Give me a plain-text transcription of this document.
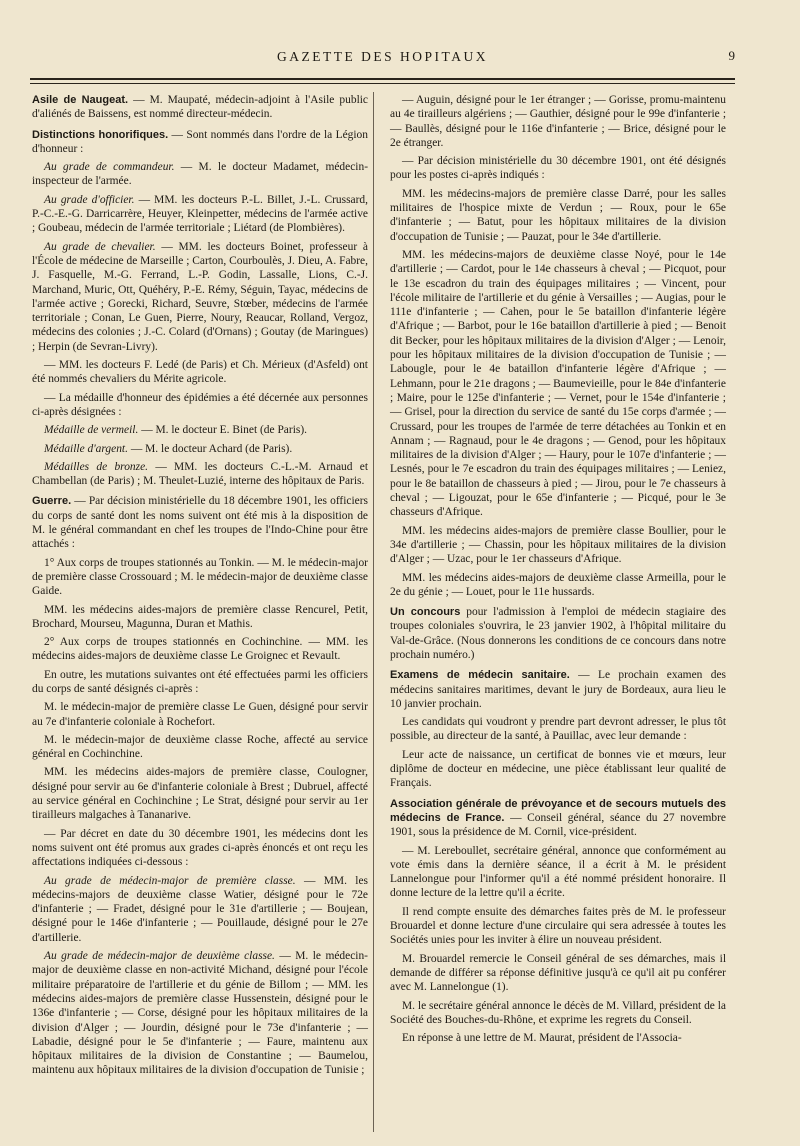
GAZETTE DES HOPITAUX	9

Asile de Naugeat. — M. Maupaté, médecin-adjoint à l'Asile public d'aliénés de Baissens, est nommé directeur-médecin.

Distinctions honorifiques. — Sont nommés dans l'ordre de la Légion d'honneur :

Au grade de commandeur. — M. le docteur Madamet, médecin-inspecteur de l'armée.

Au grade d'officier. — MM. les docteurs P.-L. Billet, J.-L. Crussard, P.-C.-E.-G. Darricarrère, Heuyer, Kleinpetter, médecins de l'armée active ; Goubeau, médecin de l'armée territoriale ; Liétard (de Plombières).

Au grade de chevalier. — MM. les docteurs Boinet, professeur à l'École de médecine de Marseille ; Carton, Courboulès, J. Dieu, A. Fabre, J. Fasquelle, M.-G. Ferrand, L.-P. Godin, Lassalle, Lions, C.-J. Marchand, Muric, Ott, Quéhéry, P.-E. Rémy, Séguin, Tayac, médecins de l'armée active ; Gorecki, Richard, Seuvre, Stœber, médecins de l'armée territoriale ; Conan, Le Guen, Pierre, Noury, Reaucar, Rolland, Vergoz, médecins des colonies ; J.-C. Colard (d'Ornans) ; Goutay (de Maringues) ; Herpin (de Sevran-Livry).

— MM. les docteurs F. Ledé (de Paris) et Ch. Mérieux (d'Asfeld) ont été nommés chevaliers du Mérite agricole.

— La médaille d'honneur des épidémies a été décernée aux personnes ci-après désignées :

Médaille de vermeil. — M. le docteur E. Binet (de Paris).

Médaille d'argent. — M. le docteur Achard (de Paris).

Médailles de bronze. — MM. les docteurs C.-L.-M. Arnaud et Chambellan (de Paris) ; M. Theulet-Luzié, interne des hôpitaux de Paris.

Guerre. — Par décision ministérielle du 18 décembre 1901, les officiers du corps de santé dont les noms suivent ont été mis à la disposition de M. le général commandant en chef les troupes de l'Indo-Chine pour être attachés :

1° Aux corps de troupes stationnés au Tonkin. — M. le médecin-major de première classe Crossouard ; M. le médecin-major de deuxième classe Gaide.

MM. les médecins aides-majors de première classe Rencurel, Petit, Brochard, Mourseu, Magunna, Duran et Mathis.

2° Aux corps de troupes stationnés en Cochinchine. — MM. les médecins aides-majors de deuxième classe Le Groignec et Revault.

En outre, les mutations suivantes ont été effectuées parmi les officiers du corps de santé désignés ci-après :

M. le médecin-major de première classe Le Guen, désigné pour servir au 7e d'infanterie coloniale à Rochefort.

M. le médecin-major de deuxième classe Roche, affecté au service général en Cochinchine.

MM. les médecins aides-majors de première classe, Coulogner, désigné pour servir au 6e d'infanterie coloniale à Brest ; Dubruel, affecté au service général en Cochinchine ; Le Strat, désigné pour servir au 1er tirailleurs malgaches à Tananarive.

— Par décret en date du 30 décembre 1901, les médecins dont les noms suivent ont été promus aux grades ci-après énoncés et ont reçu les affectations indiquées ci-dessous :

Au grade de médecin-major de première classe. — MM. les médecins-majors de deuxième classe Watier, désigné pour le 72e d'infanterie ; — Fradet, désigné pour le 31e d'artillerie ; — Boujean, désigné pour le 146e d'infanterie ; — Pouillaude, désigné pour le 27e d'artillerie.

Au grade de médecin-major de deuxième classe. — M. le médecin-major de deuxième classe en non-activité Michand, désigné pour l'école militaire préparatoire de l'artillerie et du génie de Billom ; — MM. les médecins aides-majors de première classe Hussenstein, désigné pour le 136e d'infanterie ; — Corse, désigné pour les hôpitaux militaires de la division d'Alger ; — Jourdin, désigné pour le 73e d'infanterie ; — Labadie, désigné pour le 5e d'infanterie ; — Faure, maintenu aux hôpitaux militaires de la division de Constantine ; — Baumelou, maintenu aux hôpitaux militaires de la division d'occupation de Tunisie ;

— Auguin, désigné pour le 1er étranger ; — Gorisse, promu-maintenu au 4e tirailleurs algériens ; — Gauthier, désigné pour le 99e d'infanterie ; — Baullès, désigné pour le 116e d'infanterie ; — Brice, désigné pour le 2e étranger.

— Par décision ministérielle du 30 décembre 1901, ont été désignés pour les postes ci-après indiqués :

MM. les médecins-majors de première classe Darré, pour les salles militaires de l'hospice mixte de Verdun ; — Roux, pour le 65e d'infanterie ; — Batut, pour les hôpitaux militaires de la division d'occupation de Tunisie ; — Pauzat, pour le 34e d'artillerie.

MM. les médecins-majors de deuxième classe Noyé, pour le 14e d'artillerie ; — Cardot, pour le 14e chasseurs à cheval ; — Picquot, pour le 13e escadron du train des équipages militaires ; — Vincent, pour l'école militaire de l'artillerie et du génie à Versailles ; — Augias, pour le 111e d'infanterie ; — Cahen, pour le 5e bataillon d'infanterie légère d'Afrique ; — Barbot, pour le 16e bataillon d'artillerie à pied ; — Benoit dit Becker, pour les hôpitaux militaires de la division d'Alger ; — Lenoir, pour les hôpitaux militaires de la division d'occupation de Tunisie ; — Labougle, pour le 4e bataillon d'infanterie légère d'Afrique ; — Lehmann, pour le 21e dragons ; — Baumevieille, pour le 84e d'infanterie ; Maire, pour le 125e d'infanterie ; — Vernet, pour le 154e d'infanterie ; — Grisel, pour la direction du service de santé du 15e corps d'armée ; — Crussard, pour les troupes de l'armée de terre détachées au Tonkin et en Annam ; — Ragnaud, pour le 4e dragons ; — Genod, pour les hôpitaux militaires de la division d'Alger ; — Haury, pour le 107e d'infanterie ; — Lesnés, pour le 7e escadron du train des équipages militaires ; — Leniez, pour le 8e bataillon de chasseurs à pied ; — Jirou, pour le 7e chasseurs à cheval ; — Ligouzat, pour le 65e d'infanterie ; — Picqué, pour le 3e chasseurs d'Afrique.

MM. les médecins aides-majors de première classe Boullier, pour le 34e d'artillerie ; — Chassin, pour les hôpitaux militaires de la division d'Alger ; — Uzac, pour le 1er chasseurs d'Afrique.

MM. les médecins aides-majors de deuxième classe Armeilla, pour le 2e du génie ; — Louet, pour le 11e hussards.

Un concours pour l'admission à l'emploi de médecin stagiaire des troupes coloniales s'ouvrira, le 23 janvier 1902, à l'hôpital militaire du Val-de-Grâce. (Nous donnerons les conditions de ce concours dans notre prochain numéro.)

Examens de médecin sanitaire. — Le prochain examen des médecins sanitaires maritimes, devant le jury de Bordeaux, aura lieu le 10 janvier prochain.

Les candidats qui voudront y prendre part devront adresser, le plus tôt possible, au directeur de la santé, à Pauillac, avec leur demande :

Leur acte de naissance, un certificat de bonnes vie et mœurs, leur diplôme de docteur en médecine, une pièce établissant leur qualité de Français.

Association générale de prévoyance et de secours mutuels des médecins de France. — Conseil général, séance du 27 novembre 1901, sous la présidence de M. Cornil, vice-président.

— M. Lereboullet, secrétaire général, annonce que conformément au vote émis dans la dernière séance, il a écrit à M. le président Lannelongue pour l'informer qu'il a été nommé président honoraire. Il donne lecture de la lettre qu'il a écrite.

Il rend compte ensuite des démarches faites près de M. le professeur Brouardel et donne lecture d'une circulaire qui sera adressée à toutes les Sociétés unies pour les inviter à élire un nouveau président.

M. Brouardel remercie le Conseil général de ses démarches, mais il demande de différer sa réponse définitive jusqu'à ce qu'il ait pu conférer avec M. Lannelongue (1).

M. le secrétaire général annonce le décès de M. Villard, président de la Société des Bouches-du-Rhône, et exprime les regrets du Conseil.

En réponse à une lettre de M. Maurat, président de l'Associa-
